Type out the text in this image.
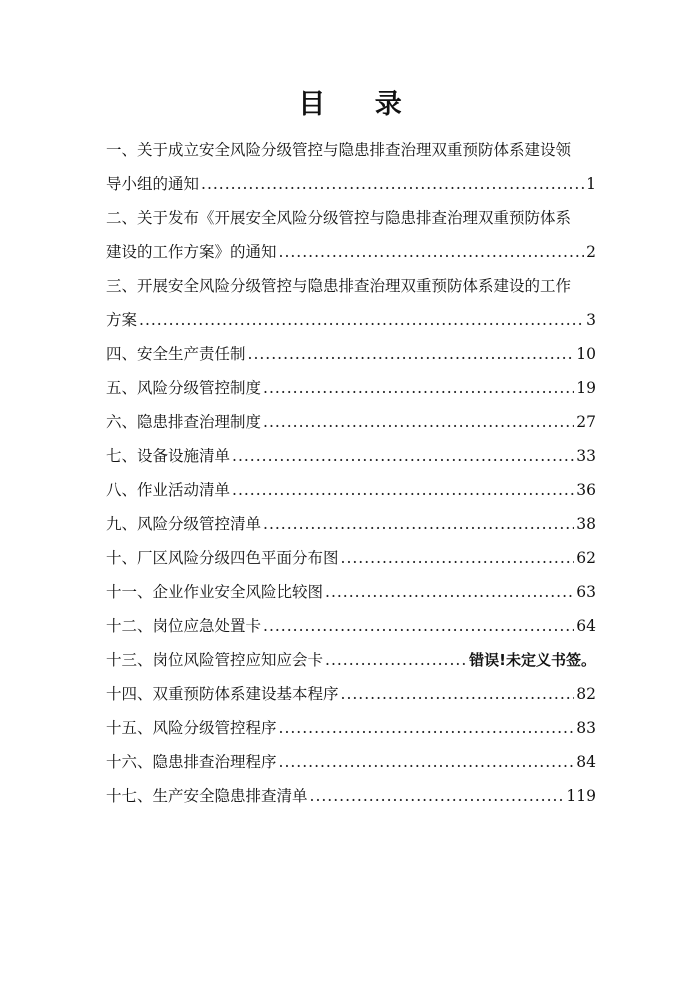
目 录
一、关于成立安全风险分级管控与隐患排查治理双重预防体系建设领
导小组的通知 .....	1
二、关于发布《开展安全风险分级管控与隐患排查治理双重预防体系
建设的工作方案》的通知 .....	2
三、开展安全风险分级管控与隐患排查治理双重预防体系建设的工作
方案 .....	3
四、安全生产责任制 .....	10
五、风险分级管控制度 .....	19
六、隐患排查治理制度 .....	27
七、设备设施清单 .....	33
八、作业活动清单 .....	36
九、风险分级管控清单 .....	38
十、厂区风险分级四色平面分布图 .....	62
十一、企业作业安全风险比较图 .....	63
十二、岗位应急处置卡 .....	64
十三、岗位风险管控应知应会卡 .....	错误!未定义书签。
十四、双重预防体系建设基本程序 .....	82
十五、风险分级管控程序 .....	83
十六、隐患排查治理程序 .....	84
十七、生产安全隐患排查清单 .....	119
